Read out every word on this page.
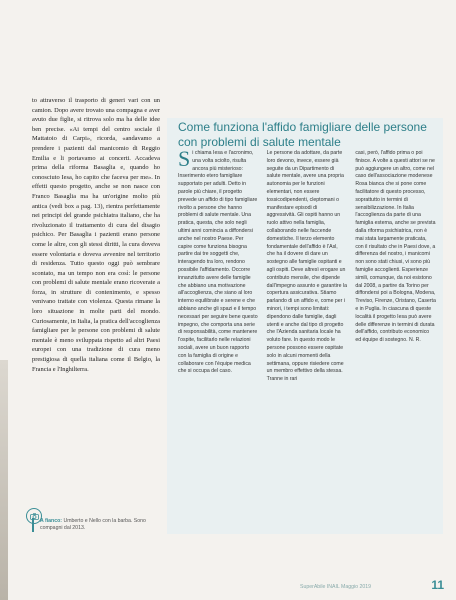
to attraverso il trasporto di generi vari con un camion. Dopo avere trovato una compagna e aver avuto due figlie, si ritrova solo ma ha delle idee ben precise. «Ai tempi del centro sociale il Mattatoio di Carpi», ricorda, «andavamo a prendere i pazienti dal manicomio di Reggio Emilia e li portavamo ai concerti. Accadeva prima della riforma Basaglia e, quando ho conosciuto Iesa, ho capito che faceva per me». In effetti questo progetto, anche se non nasce con Franco Basaglia ma ha un'origine molto più antica (vedi box a pag. 13), rientra perfettamente nei principi del grande psichiatra italiano, che ha rivoluzionato il trattamento di cura del disagio psichico. Per Basaglia i pazienti erano persone come le altre, con gli stessi diritti, la cura doveva essere volontaria e doveva avvenire nel territorio di residenza. Tutto questo oggi può sembrare scontato, ma un tempo non era così: le persone con problemi di salute mentale erano ricoverate a forza, in strutture di contenimento, e spesso venivano trattate con violenza. Questa rimane la loro situazione in molte parti del mondo. Curiosamente, in Italia, la pratica dell'accoglienza famigliare per le persone con problemi di salute mentale è meno sviluppata rispetto ad altri Paesi europei con una tradizione di cura meno prestigiosa di quella italiana come il Belgio, la Francia e l'Inghilterra.

A fianco: Umberto e Nello con la barba. Sono compagni dal 2013.
Come funziona l'affido famigliare delle persone con problemi di salute mentale
S i chiama Iesa e l'acronimo, una volta sciolto, risulta ancora più misterioso: Inserimento etero famigliare supportato per adulti. Detto in parole più chiare, il progetto prevede un affido di tipo famigliare rivolto a persone che hanno problemi di salute mentale. Una pratica, questa, che solo negli ultimi anni comincia a diffondersi anche nel nostro Paese. Per capire come funziona bisogna partire dai tre soggetti che, interagendo tra loro, rendono possibile l'affidamento. Occorre innanzitutto avere delle famiglie che abbiano una motivazione all'accoglienza, che siano al loro interno equilibrate e serene e che abbiano anche gli spazi e il tempo necessari per seguire bene questo impegno, che comporta una serie di responsabilità, come mantenere l'ospite, facilitarlo nelle relazioni sociali, avere un buon rapporto con la famiglia di origine e collaborare con l'équipe medica che si occupa del caso.

Le persone da adottare, da parte loro devono, invece, essere già seguite da un Dipartimento di salute mentale, avere una propria autonomia per le funzioni elementari, non essere tossicodipendenti, cleptomani o manifestare episodi di aggressività. Gli ospiti hanno un ruolo attivo nella famiglia, collaborando nelle faccende domestiche. Il terzo elemento fondamentale dell'affido è l'Asl, che ha il dovere di dare un sostegno alle famiglie ospitanti e agli ospiti. Deve altresì erogare un contributo mensile, che dipende dall'impegno assunto e garantire la copertura assicurativa. Stiamo parlando di un affido e, come per i minori, i tempi sono limitati: dipendono dalle famiglie, dagli utenti e anche dal tipo di progetto che l'Azienda sanitaria locale ha voluto fare. In questo modo le persone possono essere ospitate solo in alcuni momenti della settimana, oppure risiedere come un membro effettivo della stessa. Tranne in rari

casi, però, l'affido prima o poi finisce. A volte a questi attori se ne può aggiungere un altro, come nel caso dell'associazione modenese Rosa bianca che si pone come facilitatore di questo processo, soprattutto in termini di sensibilizzazione. In Italia l'accoglienza da parte di una famiglia esterna, anche se prevista dalla riforma psichiatrica, non è mai stata largamente praticata, con il risultato che in Paesi dove, a differenza del nostro, i manicomi non sono stati chiusi, vi sono più famiglie accoglienti. Esperienze simili, comunque, da noi esistono dal 2008, a partire da Torino per diffondersi poi a Bologna, Modena, Treviso, Firenze, Oristano, Caserta e in Puglia. In ciascuna di queste località il progetto Iesa può avere delle differenze in termini di durata dell'affido, contributo economico ed équipe di sostegno. N. R.

SuperAbile INAIL Maggio 2019	11
